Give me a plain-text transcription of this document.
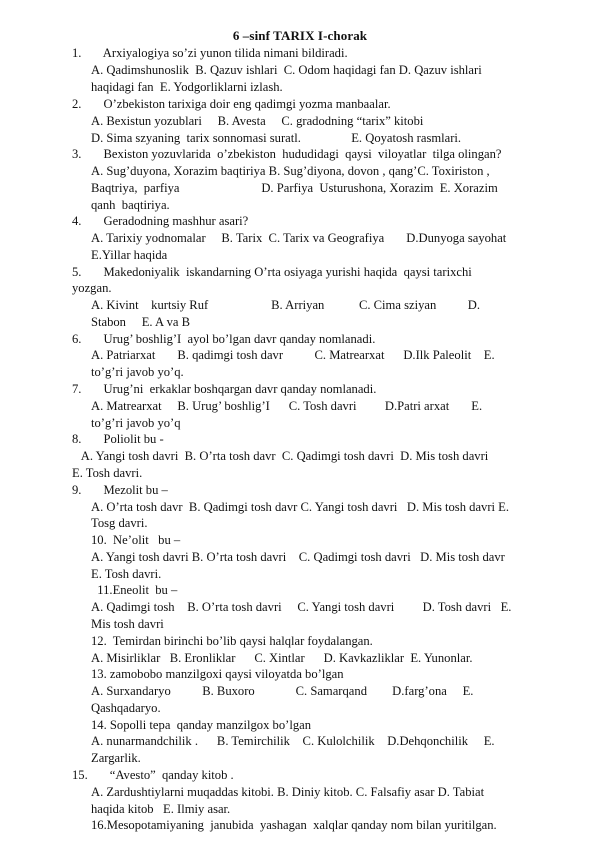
6 –sinf TARIX I-chorak
1.       Arxiyalogiya so’zi yunon tilida nimani bildiradi.
A. Qadimshunoslik  B. Qazuv ishlari  C. Odom haqidagi fan D. Qazuv ishlari
haqidagi fan  E. Yodgorliklarni izlash.
2.       O’zbekiston tarixiga doir eng qadimgi yozma manbaalar.
A. Bexistun yozublari     B. Avesta     C. gradodning “tarix” kitobi
D. Sima szyaning  tarix sonnomasi suratl.                E. Qoyatosh rasmlari.
3.       Bexiston yozuvlarida  o’zbekiston  hududidagi  qaysi  viloyatlar  tilga olingan?
A. Sug’duyona, Xorazim baqtiriya B. Sug’diyona, dovon , qang’C. Toxiriston ,
Baqtriya,  parfiya                          D. Parfiya  Usturushona, Xorazim  E. Xorazim
qanh  baqtiriya.
4.       Geradodning mashhur asari?
A. Tarixiy yodnomalar     B. Tarix  C. Tarix va Geografiya       D.Dunyoga sayohat
E.Yillar haqida
5.       Makedoniyalik  iskandarning O’rta osiyaga yurishi haqida  qaysi tarixchi
yozgan.
A. Kivint    kurtsiy Ruf                    B. Arriyan           C. Cima sziyan          D.
Stabon     E. A va B
6.       Urug’ boshlig’I  ayol bo’lgan davr qanday nomlanadi.
A. Patriarxat       B. qadimgi tosh davr          C. Matrearxat      D.Ilk Paleolit    E.
to’g’ri javob yo’q.
7.       Urug’ni  erkaklar boshqargan davr qanday nomlanadi.
A. Matrearxat     B. Urug’ boshlig’I      C. Tosh davri         D.Patri arxat       E.
to’g’ri javob yo’q
8.       Poliolit bu -
A. Yangi tosh davri  B. O’rta tosh davr  C. Qadimgi tosh davri  D. Mis tosh davri
E. Tosh davri.
9.       Mezolit bu –
A. O’rta tosh davr  B. Qadimgi tosh davr C. Yangi tosh davri   D. Mis tosh davri E.
Tosg davri.
10.  Ne’olit   bu –
A. Yangi tosh davri B. O’rta tosh davri    C. Qadimgi tosh davri   D. Mis tosh davr
E. Tosh davri.
11.Eneolit  bu –
A. Qadimgi tosh    B. O’rta tosh davri     C. Yangi tosh davri         D. Tosh davri   E.
Mis tosh davri
12.  Temirdan birinchi bo’lib qaysi halqlar foydalangan.
A. Misirliklar   B. Eronliklar      C. Xintlar      D. Kavkazliklar  E. Yunonlar.
13. zamobobo manzilgoxi qaysi viloyatda bo’lgan
A. Surxandaryo          B. Buxoro             C. Samarqand        D.farg’ona     E.
Qashqadaryo.
14. Sopolli tepa  qanday manzilgox bo’lgan
A. nunarmandchilik .      B. Temirchilik    C. Kulolchilik    D.Dehqonchilik     E.
Zargarlik.
15.       “Avesto”  qanday kitob .
A. Zardushtiylarni muqaddas kitobi. B. Diniy kitob. C. Falsafiy asar D. Tabiat
haqida kitob   E. Ilmiy asar.
16.Mesopotamiyaning  janubida  yashagan  xalqlar qanday nom bilan yuritilgan.
